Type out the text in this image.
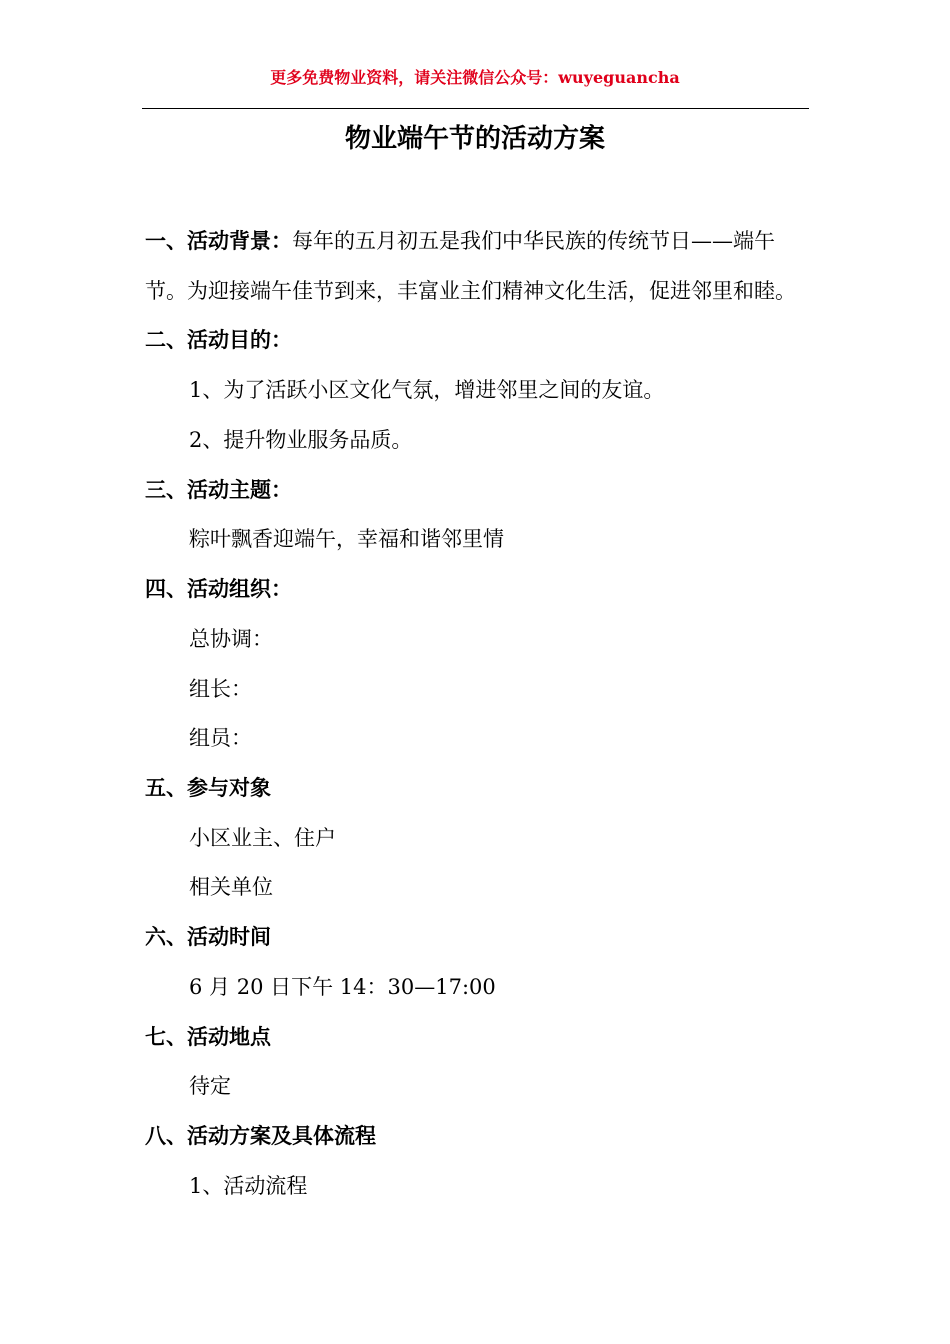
更多免费物业资料，请关注微信公众号：wuyeguancha
物业端午节的活动方案
一、活动背景：每年的五月初五是我们中华民族的传统节日——端午
节。为迎接端午佳节到来，丰富业主们精神文化生活，促进邻里和睦。
二、活动目的：
1、为了活跃小区文化气氛，增进邻里之间的友谊。
2、提升物业服务品质。
三、活动主题：
粽叶飘香迎端午，幸福和谐邻里情
四、活动组织：
总协调：
组长：
组员：
五、参与对象
小区业主、住户
相关单位
六、活动时间
6 月 20 日下午 14：30—17:00
七、活动地点
待定
八、活动方案及具体流程
1、活动流程
